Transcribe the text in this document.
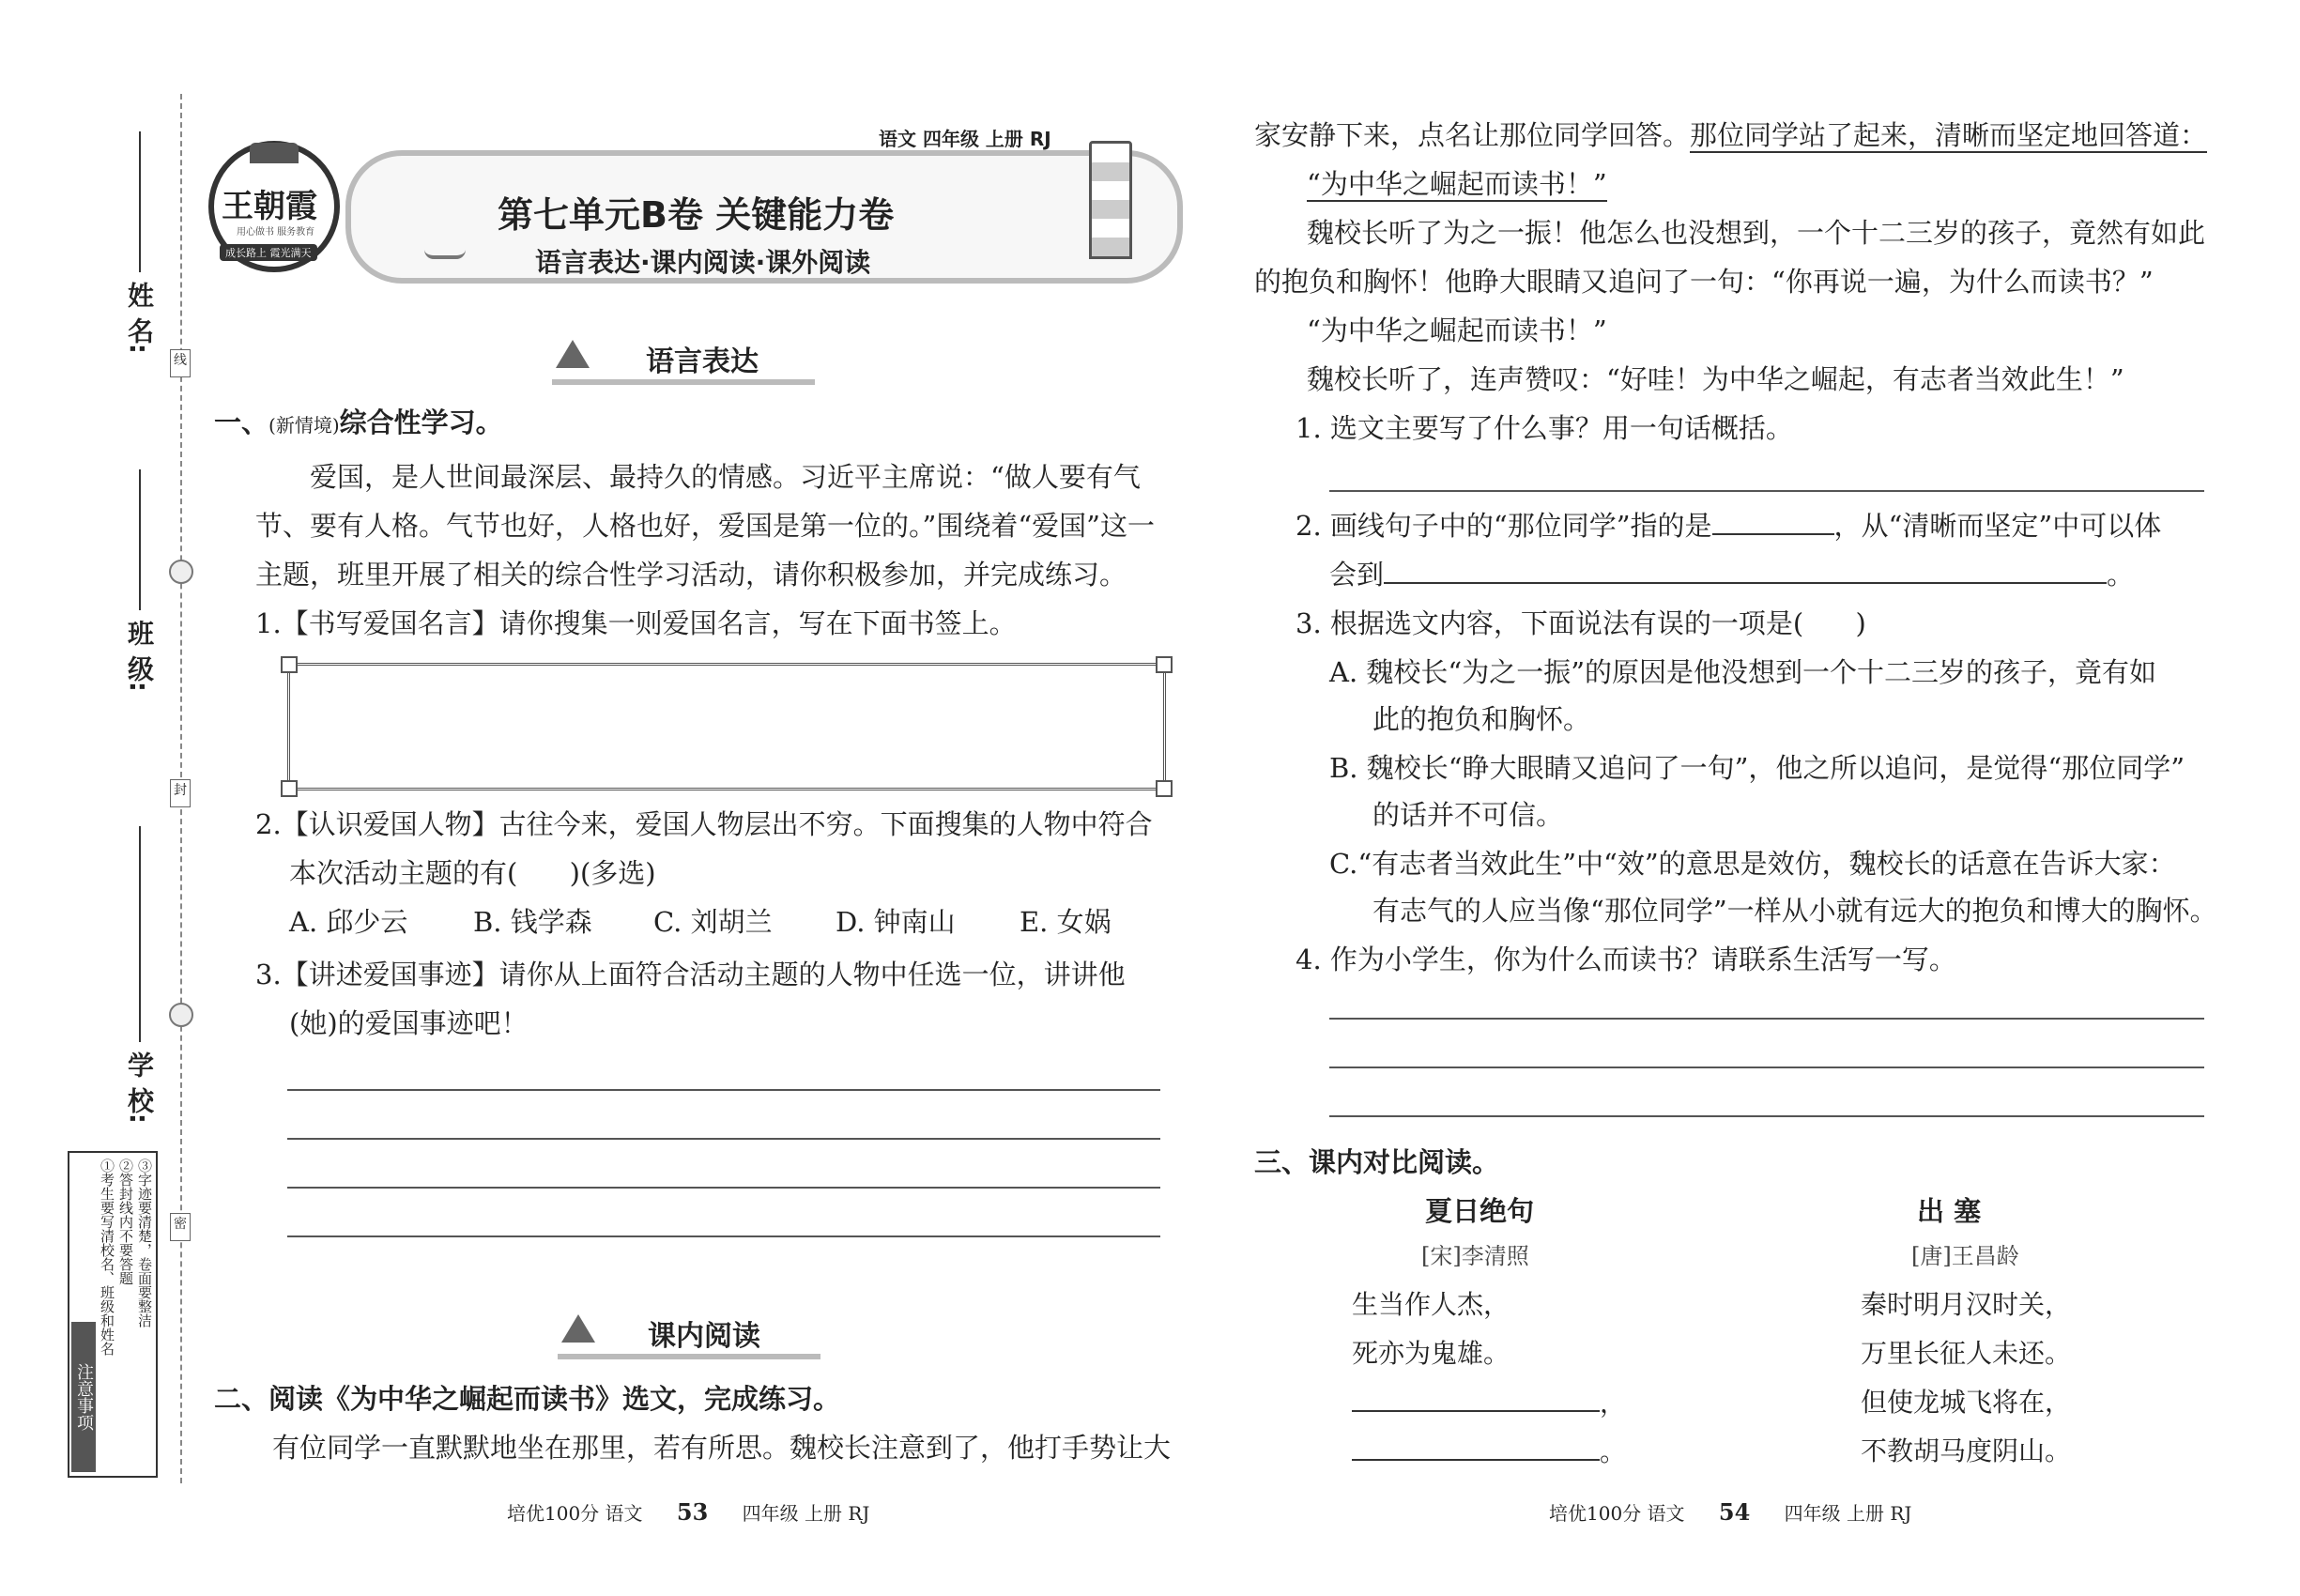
姓 名:
班 级:
学 校:
线
封
密
注意事项
①考生要写清校名、班级和姓名 ②答封线内不要答题 ③字迹要清楚，卷面要整洁
王朝霞
用心做书 服务教育
成长路上 霞光满天
语文 四年级 上册 RJ
第七单元B卷 关键能力卷
语言表达·课内阅读·课外阅读
语言表达
一、(新情境)综合性学习。
爱国，是人世间最深层、最持久的情感。习近平主席说：“做人要有气
节、要有人格。气节也好，人格也好，爱国是第一位的。”围绕着“爱国”这一
主题，班里开展了相关的综合性学习活动，请你积极参加，并完成练习。
1.【书写爱国名言】请你搜集一则爱国名言，写在下面书签上。
2.【认识爱国人物】古往今来，爱国人物层出不穷。下面搜集的人物中符合
本次活动主题的有(      )(多选)
A. 邱少云 B. 钱学森 C. 刘胡兰 D. 钟南山 E. 女娲
3.【讲述爱国事迹】请你从上面符合活动主题的人物中任选一位，讲讲他
(她)的爱国事迹吧！
课内阅读
二、阅读《为中华之崛起而读书》选文，完成练习。
有位同学一直默默地坐在那里，若有所思。魏校长注意到了，他打手势让大
培优100分 语文 53 四年级 上册 RJ
家安静下来，点名让那位同学回答。那位同学站了起来，清晰而坚定地回答道：
“为中华之崛起而读书！”
魏校长听了为之一振！他怎么也没想到，一个十二三岁的孩子，竟然有如此
的抱负和胸怀！他睁大眼睛又追问了一句：“你再说一遍，为什么而读书？”
“为中华之崛起而读书！”
魏校长听了，连声赞叹：“好哇！为中华之崛起，有志者当效此生！”
1. 选文主要写了什么事？用一句话概括。
2. 画线句子中的“那位同学”指的是	，从“清晰而坚定”中可以体
会到	。
3. 根据选文内容，下面说法有误的一项是(      )
A. 魏校长“为之一振”的原因是他没想到一个十二三岁的孩子，竟有如
此的抱负和胸怀。
B. 魏校长“睁大眼睛又追问了一句”，他之所以追问，是觉得“那位同学”
的话并不可信。
C.“有志者当效此生”中“效”的意思是效仿，魏校长的话意在告诉大家：
有志气的人应当像“那位同学”一样从小就有远大的抱负和博大的胸怀。
4. 作为小学生，你为什么而读书？请联系生活写一写。
三、课内对比阅读。
夏日绝句
[宋]李清照
生当作人杰，
死亦为鬼雄。
，
。
出 塞
[唐]王昌龄
秦时明月汉时关，
万里长征人未还。
但使龙城飞将在，
不教胡马度阴山。
培优100分 语文 54 四年级 上册 RJ
